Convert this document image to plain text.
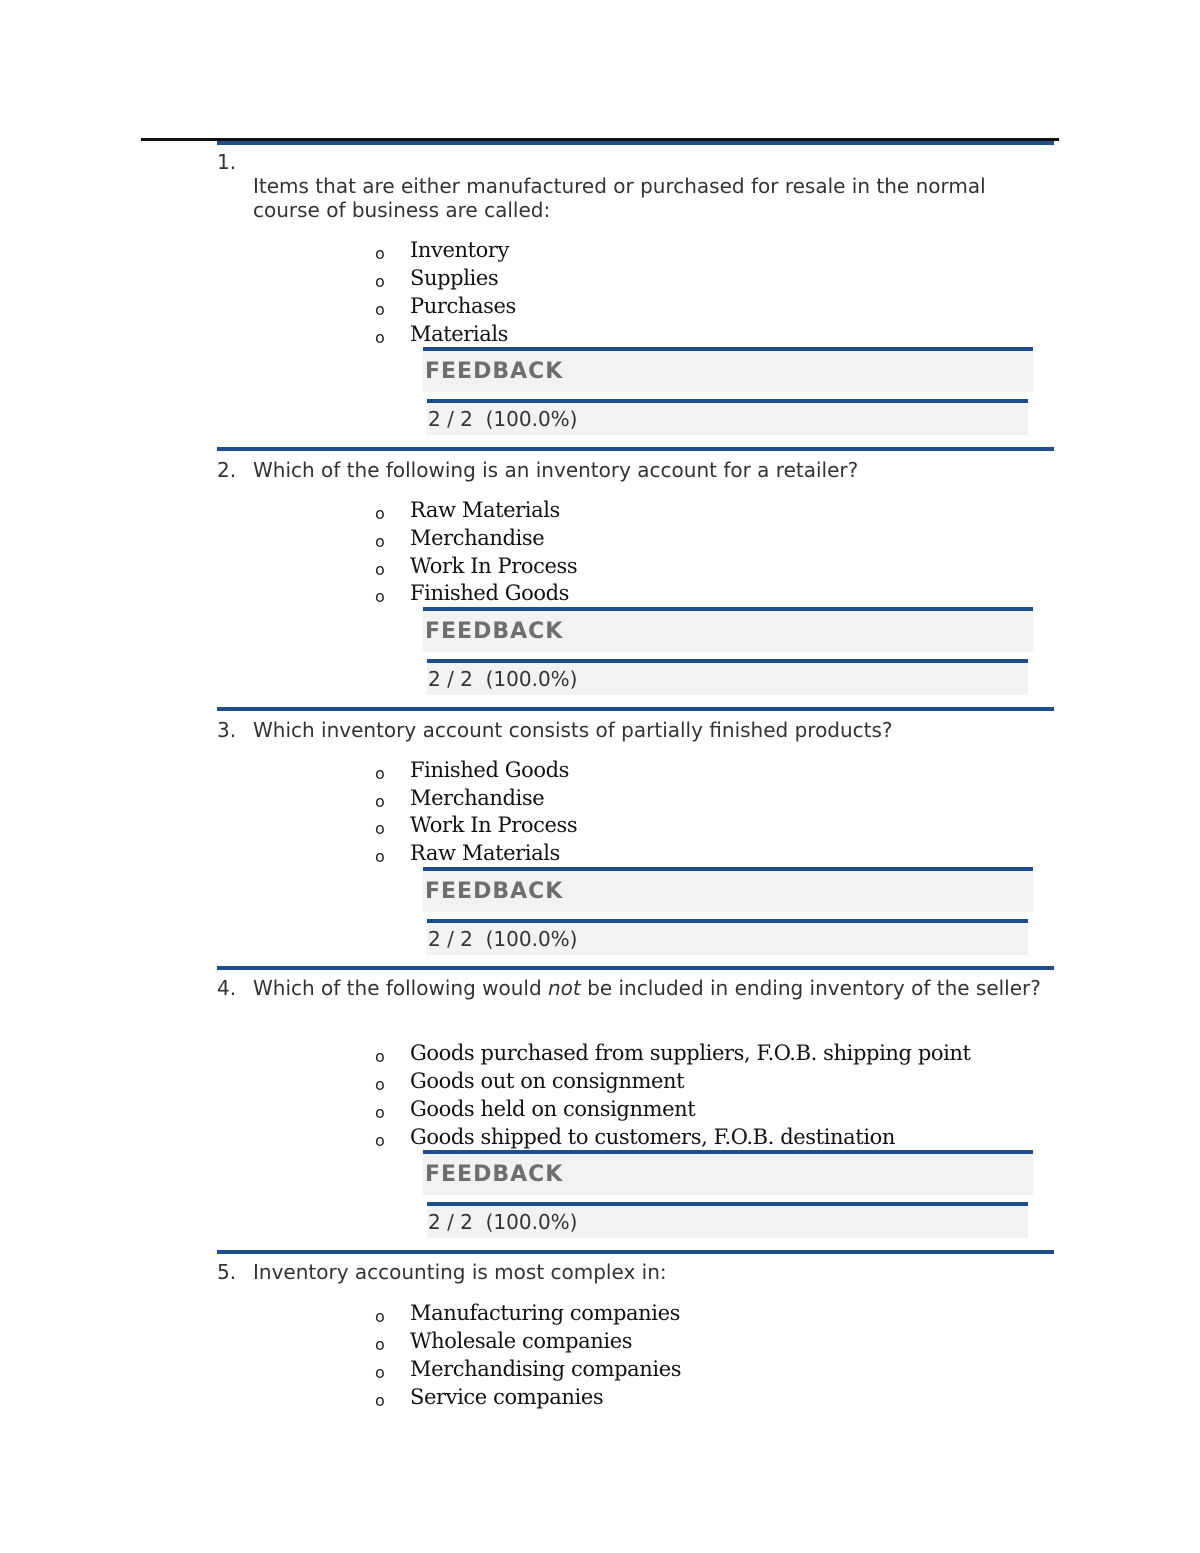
1.
Items that are either manufactured or purchased for resale in the normal course of business are called:
o Inventory
o Supplies
o Purchases
o Materials
FEEDBACK
2 / 2  (100.0%)
2. Which of the following is an inventory account for a retailer?
o Raw Materials
o Merchandise
o Work In Process
o Finished Goods
FEEDBACK
2 / 2  (100.0%)
3. Which inventory account consists of partially finished products?
o Finished Goods
o Merchandise
o Work In Process
o Raw Materials
FEEDBACK
2 / 2  (100.0%)
4. Which of the following would not be included in ending inventory of the seller?
o Goods purchased from suppliers, F.O.B. shipping point
o Goods out on consignment
o Goods held on consignment
o Goods shipped to customers, F.O.B. destination
FEEDBACK
2 / 2  (100.0%)
5. Inventory accounting is most complex in:
o Manufacturing companies
o Wholesale companies
o Merchandising companies
o Service companies
